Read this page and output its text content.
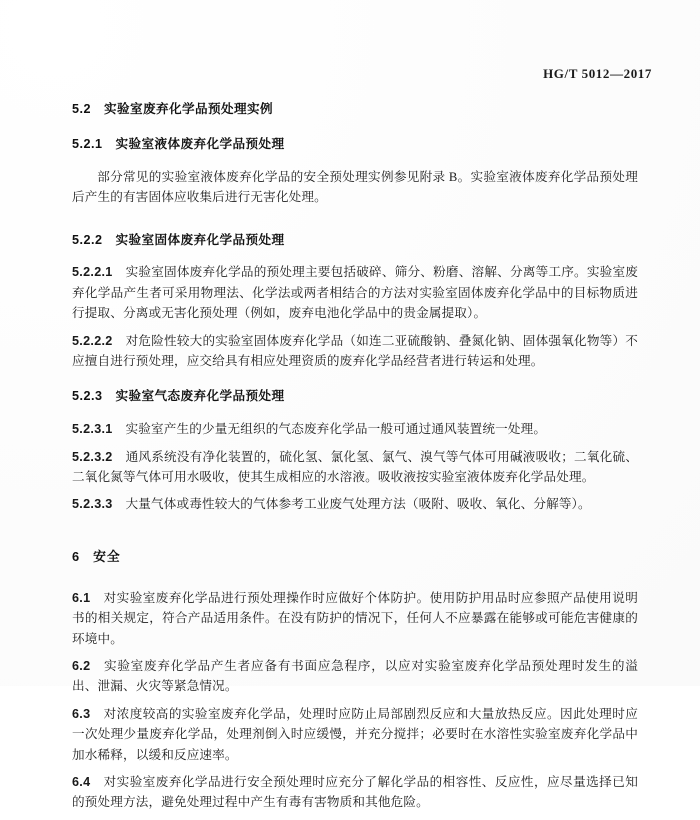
HG/T 5012—2017
5.2 实验室废弃化学品预处理实例
5.2.1 实验室液体废弃化学品预处理

部分常见的实验室液体废弃化学品的安全预处理实例参见附录 B。实验室液体废弃化学品预处理后产生的有害固体应收集后进行无害化处理。

5.2.2 实验室固体废弃化学品预处理

5.2.2.1 实验室固体废弃化学品的预处理主要包括破碎、筛分、粉磨、溶解、分离等工序。实验室废弃化学品产生者可采用物理法、化学法或两者相结合的方法对实验室固体废弃化学品中的目标物质进行提取、分离或无害化预处理（例如，废弃电池化学品中的贵金属提取）。

5.2.2.2 对危险性较大的实验室固体废弃化学品（如连二亚硫酸钠、叠氮化钠、固体强氧化物等）不应擅自进行预处理，应交给具有相应处理资质的废弃化学品经营者进行转运和处理。

5.2.3 实验室气态废弃化学品预处理

5.2.3.1 实验室产生的少量无组织的气态废弃化学品一般可通过通风装置统一处理。

5.2.3.2 通风系统没有净化装置的，硫化氢、氯化氢、氯气、溴气等气体可用碱液吸收；二氧化硫、二氧化氮等气体可用水吸收，使其生成相应的水溶液。吸收液按实验室液体废弃化学品处理。

5.2.3.3 大量气体或毒性较大的气体参考工业废气处理方法（吸附、吸收、氧化、分解等）。

6 安全

6.1 对实验室废弃化学品进行预处理操作时应做好个体防护。使用防护用品时应参照产品使用说明书的相关规定，符合产品适用条件。在没有防护的情况下，任何人不应暴露在能够或可能危害健康的环境中。

6.2 实验室废弃化学品产生者应备有书面应急程序，以应对实验室废弃化学品预处理时发生的溢出、泄漏、火灾等紧急情况。

6.3 对浓度较高的实验室废弃化学品，处理时应防止局部剧烈反应和大量放热反应。因此处理时应一次处理少量废弃化学品，处理剂倒入时应缓慢，并充分搅拌；必要时在水溶性实验室废弃化学品中加水稀释，以缓和反应速率。

6.4 对实验室废弃化学品进行安全预处理时应充分了解化学品的相容性、反应性，应尽量选择已知的预处理方法，避免处理过程中产生有毒有害物质和其他危险。
